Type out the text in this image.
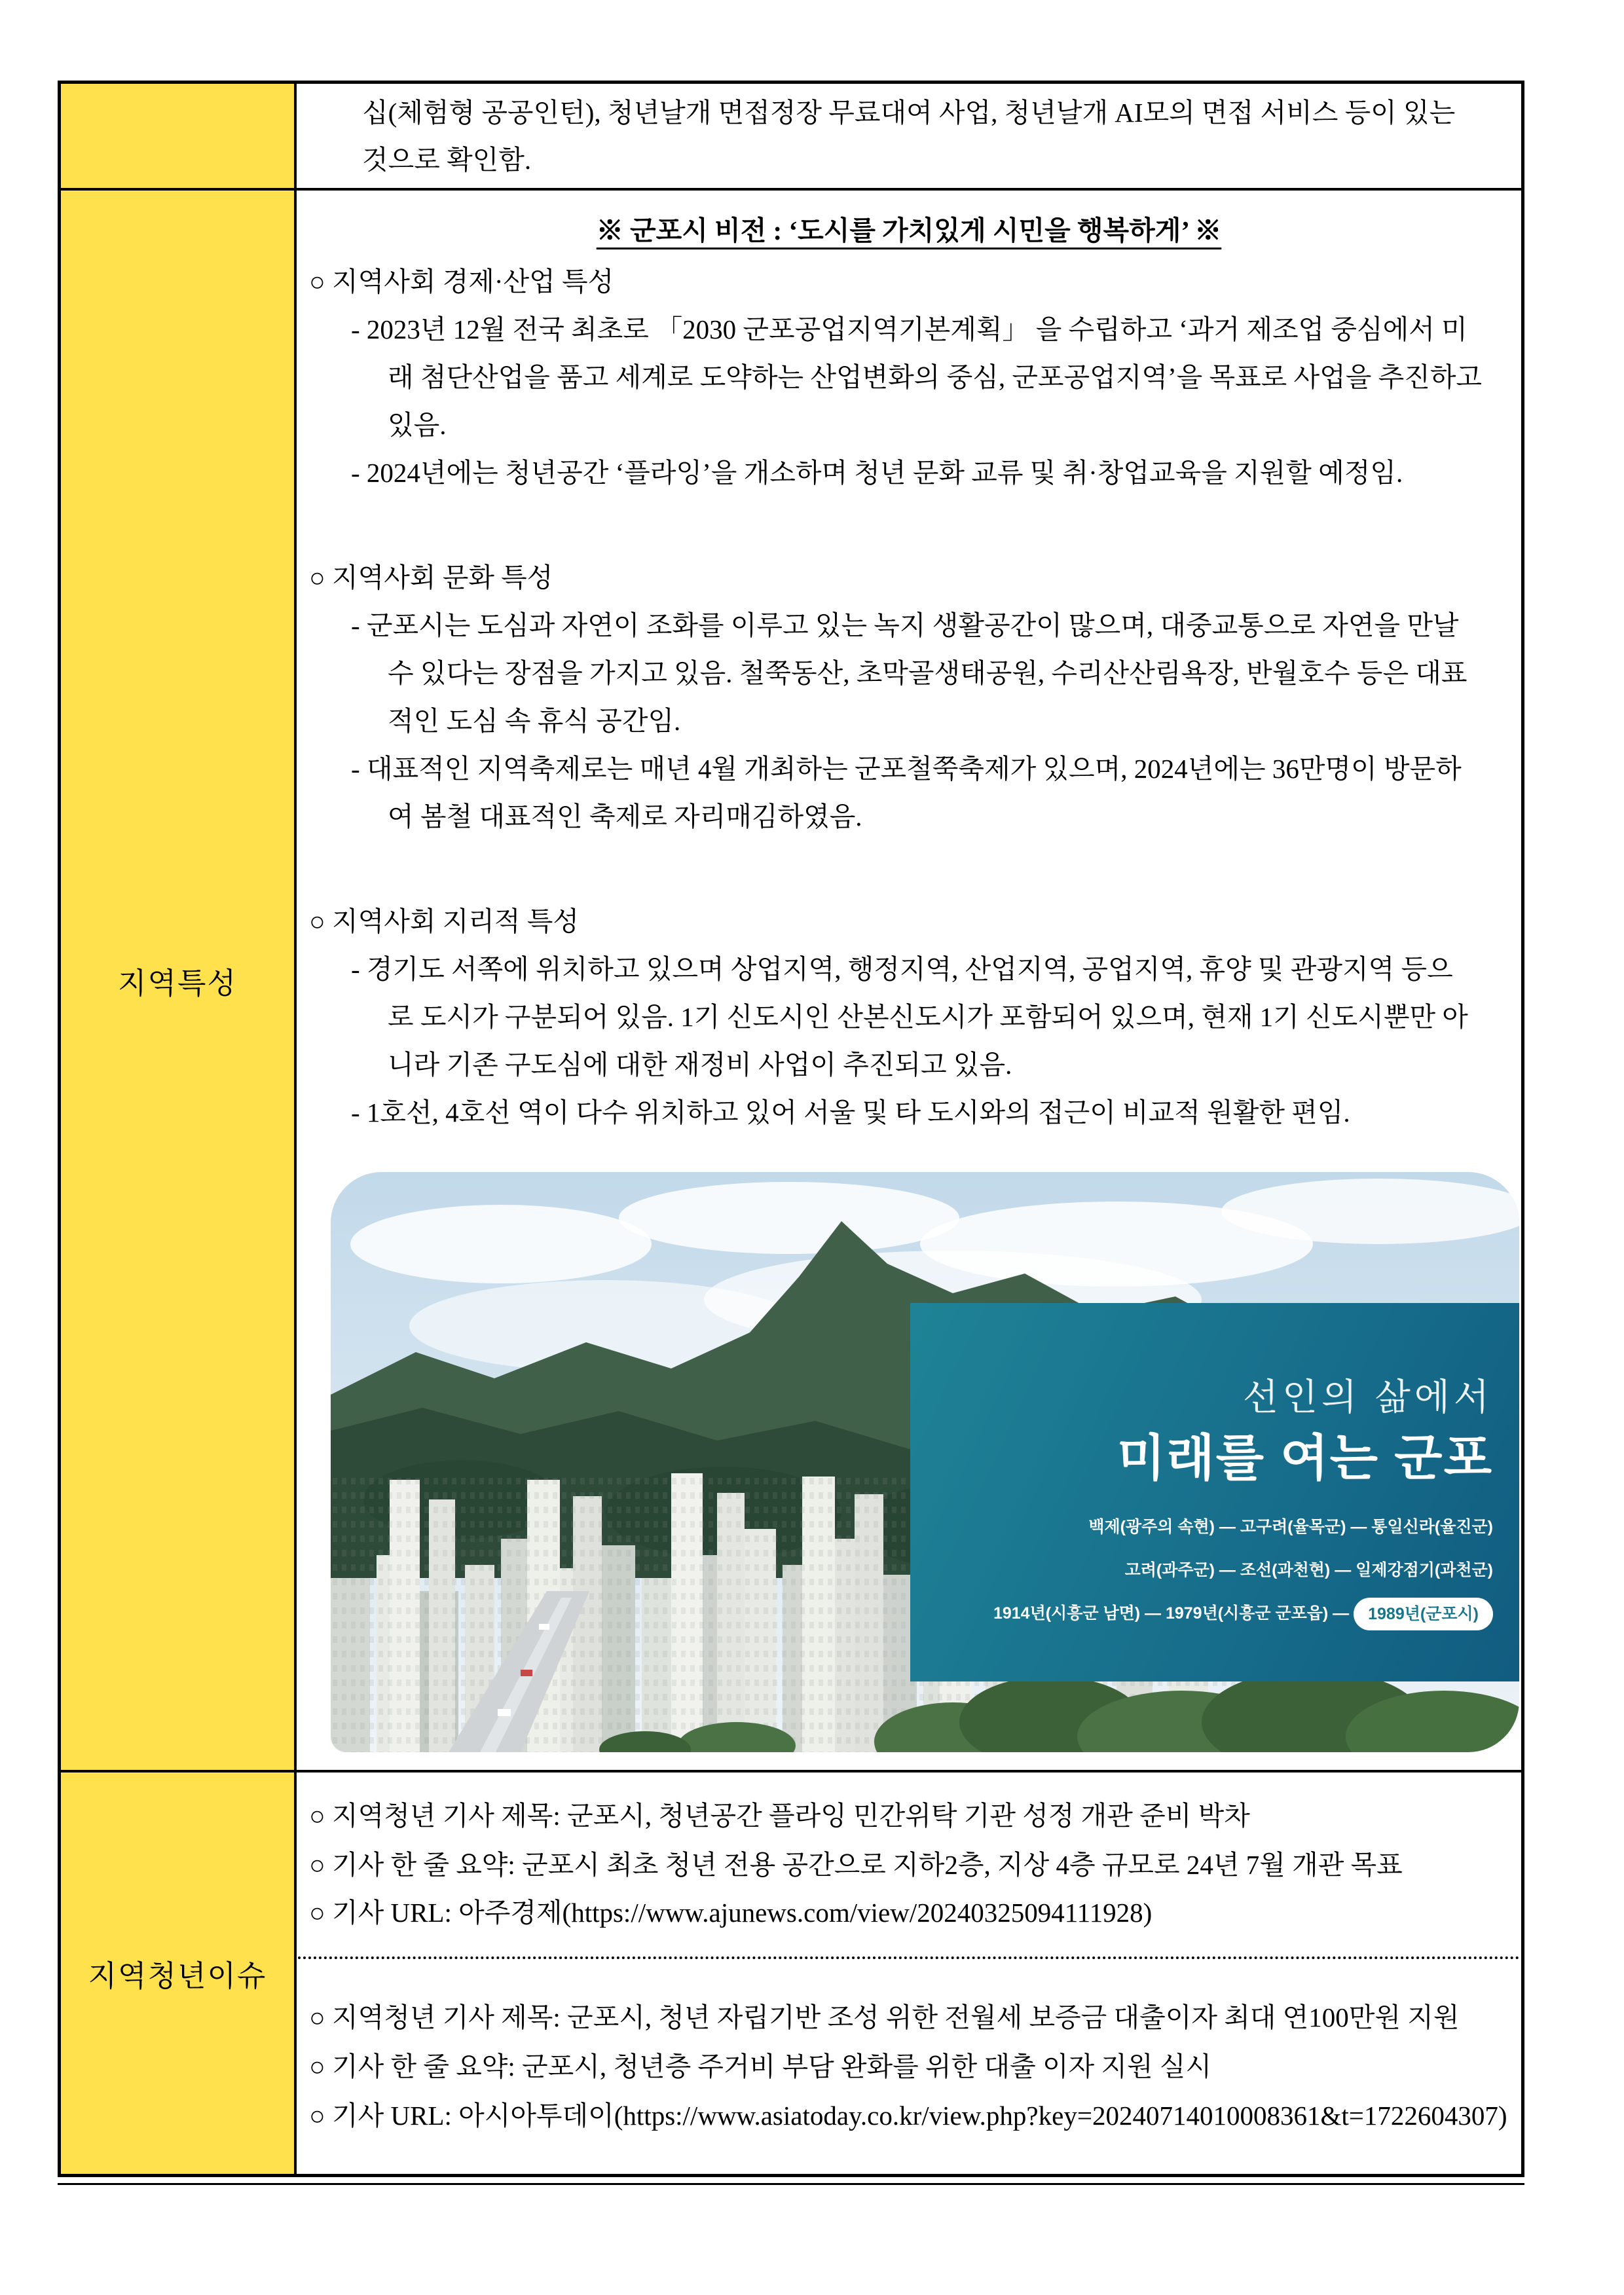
십(체험형 공공인턴), 청년날개 면접정장 무료대여 사업, 청년날개 AI모의 면접 서비스 등이 있는
것으로 확인함.
지역특성
※ 군포시 비전 : ‘도시를 가치있게 시민을 행복하게’ ※
○ 지역사회 경제·산업 특성
- 2023년 12월 전국 최초로 「2030 군포공업지역기본계획」 을 수립하고 ‘과거 제조업 중심에서 미
래 첨단산업을 품고 세계로 도약하는 산업변화의 중심, 군포공업지역’을 목표로 사업을 추진하고
있음.
- 2024년에는 청년공간 ‘플라잉’을 개소하며 청년 문화 교류 및 취·창업교육을 지원할 예정임.
○ 지역사회 문화 특성
- 군포시는 도심과 자연이 조화를 이루고 있는 녹지 생활공간이 많으며, 대중교통으로 자연을 만날
수 있다는 장점을 가지고 있음. 철쭉동산, 초막골생태공원, 수리산산림욕장, 반월호수 등은 대표
적인 도심 속 휴식 공간임.
- 대표적인 지역축제로는 매년 4월 개최하는 군포철쭉축제가 있으며, 2024년에는 36만명이 방문하
여 봄철 대표적인 축제로 자리매김하였음.
○ 지역사회 지리적 특성
- 경기도 서쪽에 위치하고 있으며 상업지역, 행정지역, 산업지역, 공업지역, 휴양 및 관광지역 등으
로 도시가 구분되어 있음. 1기 신도시인 산본신도시가 포함되어 있으며, 현재 1기 신도시뿐만 아
니라 기존 구도심에 대한 재정비 사업이 추진되고 있음.
- 1호선, 4호선 역이 다수 위치하고 있어 서울 및 타 도시와의 접근이 비교적 원활한 편임.
선인의 삶에서
미래를 여는 군포
백제(광주의 속현) — 고구려(율목군) — 통일신라(율진군)
고려(과주군) — 조선(과천현) — 일제강점기(과천군)
1914년(시흥군 남면) — 1979년(시흥군 군포읍) — 1989년(군포시)
지역청년이슈
○ 지역청년 기사 제목: 군포시, 청년공간 플라잉 민간위탁 기관 성정 개관 준비 박차
○ 기사 한 줄 요약: 군포시 최초 청년 전용 공간으로 지하2층, 지상 4층 규모로 24년 7월 개관 목표
○ 기사 URL: 아주경제(https://www.ajunews.com/view/20240325094111928)
○ 지역청년 기사 제목: 군포시, 청년 자립기반 조성 위한 전월세 보증금 대출이자 최대 연100만원 지원
○ 기사 한 줄 요약: 군포시, 청년층 주거비 부담 완화를 위한 대출 이자 지원 실시
○ 기사 URL: 아시아투데이(https://www.asiatoday.co.kr/view.php?key=20240714010008361&t=1722604307)
